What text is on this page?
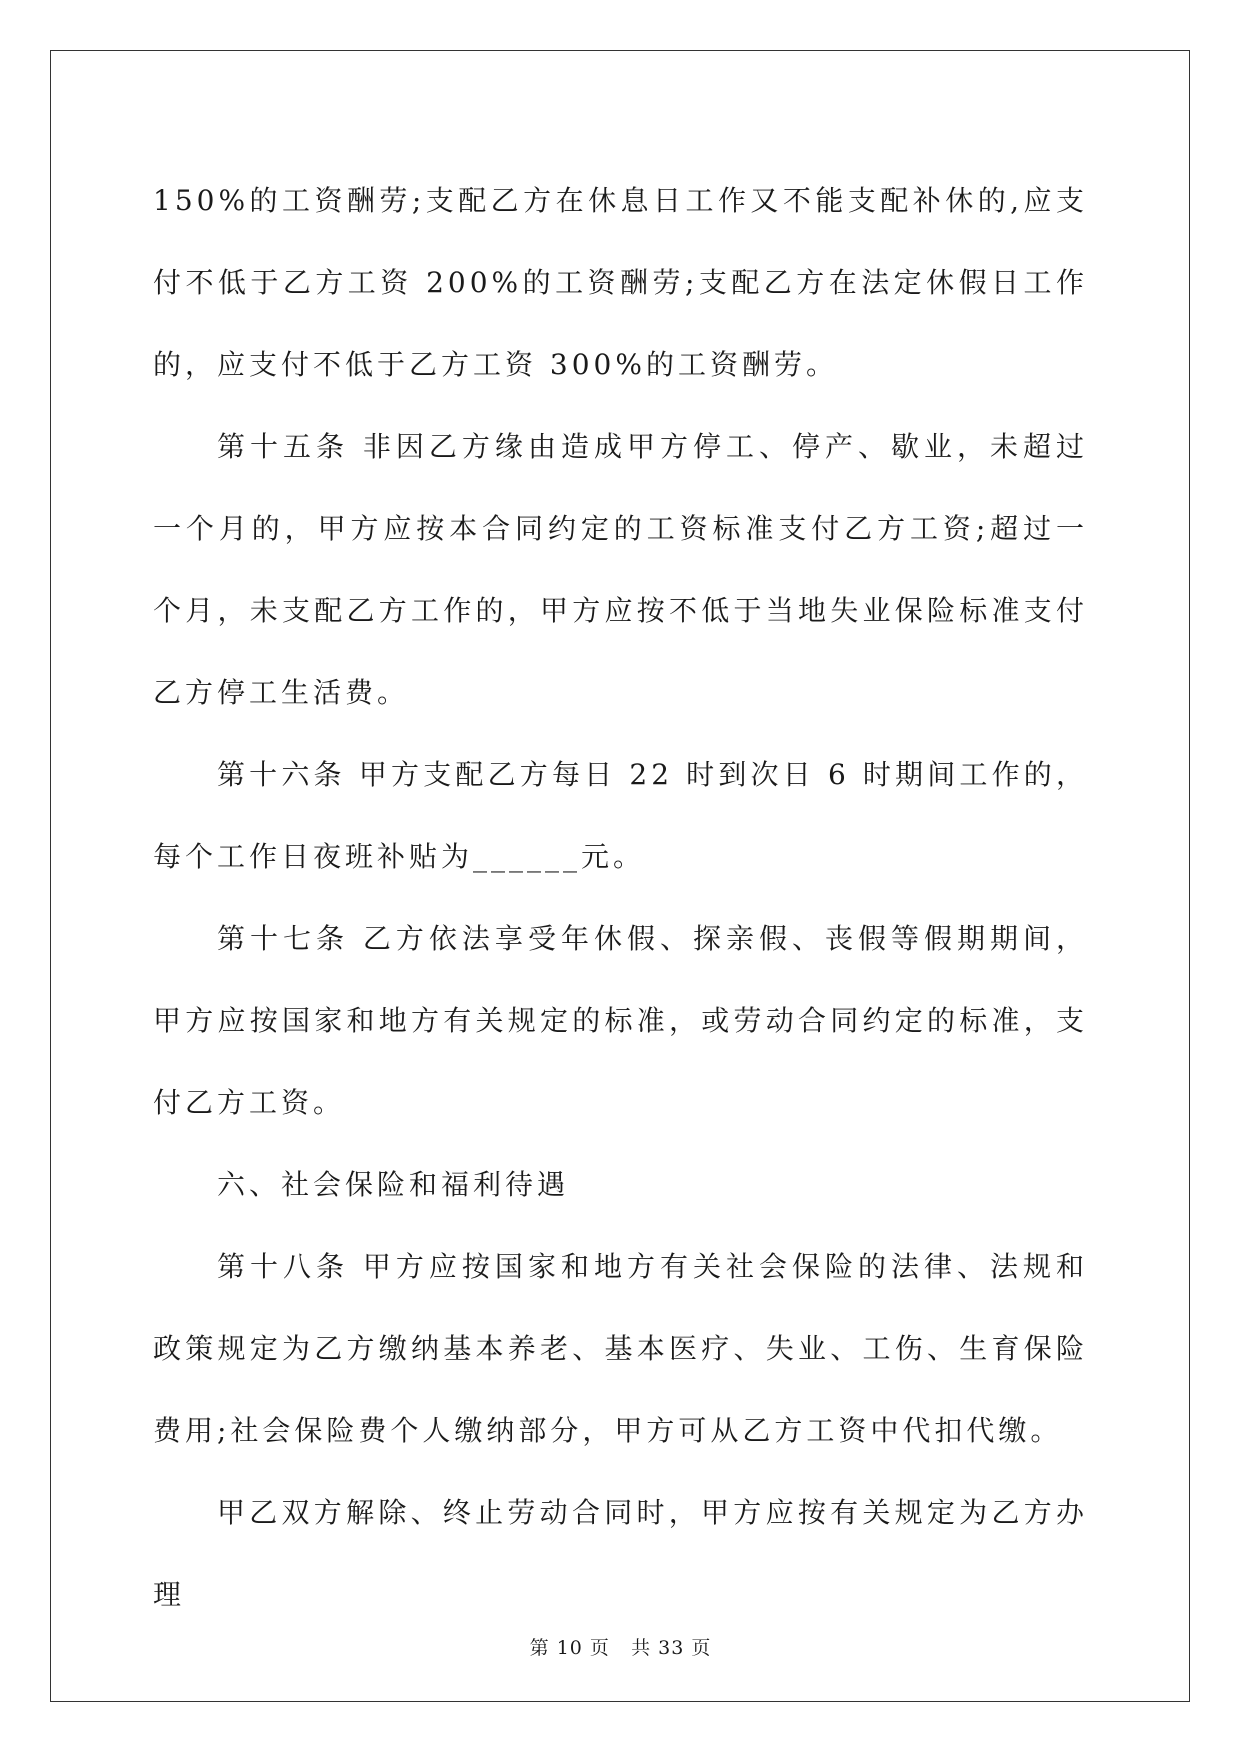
150%的工资酬劳;支配乙方在休息日工作又不能支配补休的,应支付不低于乙方工资 200%的工资酬劳;支配乙方在法定休假日工作的，应支付不低于乙方工资 300%的工资酬劳。

第十五条 非因乙方缘由造成甲方停工、停产、歇业，未超过一个月的，甲方应按本合同约定的工资标准支付乙方工资;超过一个月，未支配乙方工作的，甲方应按不低于当地失业保险标准支付乙方停工生活费。

第十六条 甲方支配乙方每日 22 时到次日 6 时期间工作的，每个工作日夜班补贴为______元。

第十七条 乙方依法享受年休假、探亲假、丧假等假期期间，甲方应按国家和地方有关规定的标准，或劳动合同约定的标准，支付乙方工资。

六、社会保险和福利待遇

第十八条 甲方应按国家和地方有关社会保险的法律、法规和政策规定为乙方缴纳基本养老、基本医疗、失业、工伤、生育保险费用;社会保险费个人缴纳部分，甲方可从乙方工资中代扣代缴。

甲乙双方解除、终止劳动合同时，甲方应按有关规定为乙方办理

第 10 页 共 33 页
